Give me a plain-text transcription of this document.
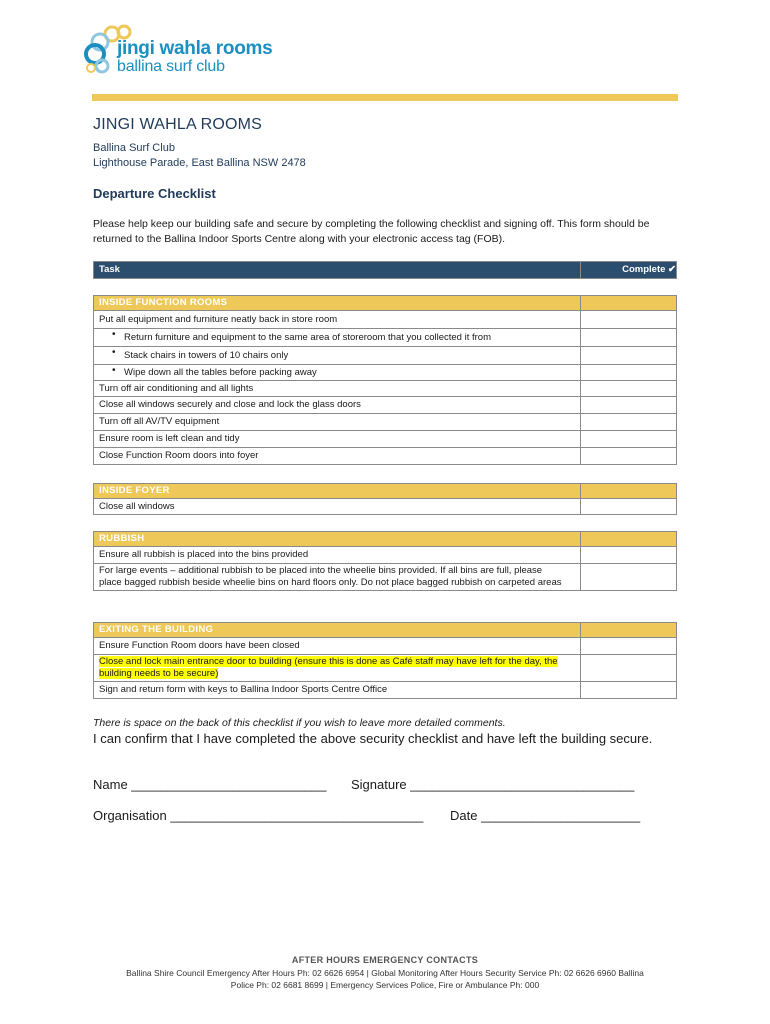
jingi wahla rooms
ballina surf club
JINGI WAHLA ROOMS
Ballina Surf Club
Lighthouse Parade, East Ballina NSW 2478
Departure Checklist
Please help keep our building safe and secure by completing the following checklist and signing off. This form should be returned to the Ballina Indoor Sports Centre along with your electronic access tag (FOB).
Task	Complete ✔
INSIDE FUNCTION ROOMS	
Put all equipment and furniture neatly back in store room	
• Return furniture and equipment to the same area of storeroom that you collected it from	
• Stack chairs in towers of 10 chairs only	
• Wipe down all the tables before packing away	
Turn off air conditioning and all lights	
Close all windows securely and close and lock the glass doors	
Turn off all AV/TV equipment	
Ensure room is left clean and tidy	
Close Function Room doors into foyer	
INSIDE FOYER	
Close all windows	
RUBBISH	
Ensure all rubbish is placed into the bins provided	
For large events – additional rubbish to be placed into the wheelie bins provided. If all bins are full, please place bagged rubbish beside wheelie bins on hard floors only. Do not place bagged rubbish on carpeted areas	
EXITING THE BUILDING	
Ensure Function Room doors have been closed	
Close and lock main entrance door to building (ensure this is done as Café staff may have left for the day, the building needs to be secure)	
Sign and return form with keys to Ballina Indoor Sports Centre Office	
There is space on the back of this checklist if you wish to leave more detailed comments.
I can confirm that I have completed the above security checklist and have left the building secure.
Name ___________________________ Signature _______________________________
Organisation ___________________________________ Date ______________________
AFTER HOURS EMERGENCY CONTACTS
Ballina Shire Council Emergency After Hours Ph: 02 6626 6954 | Global Monitoring After Hours Security Service Ph: 02 6626 6960 Ballina
Police Ph: 02 6681 8699 | Emergency Services Police, Fire or Ambulance Ph: 000
